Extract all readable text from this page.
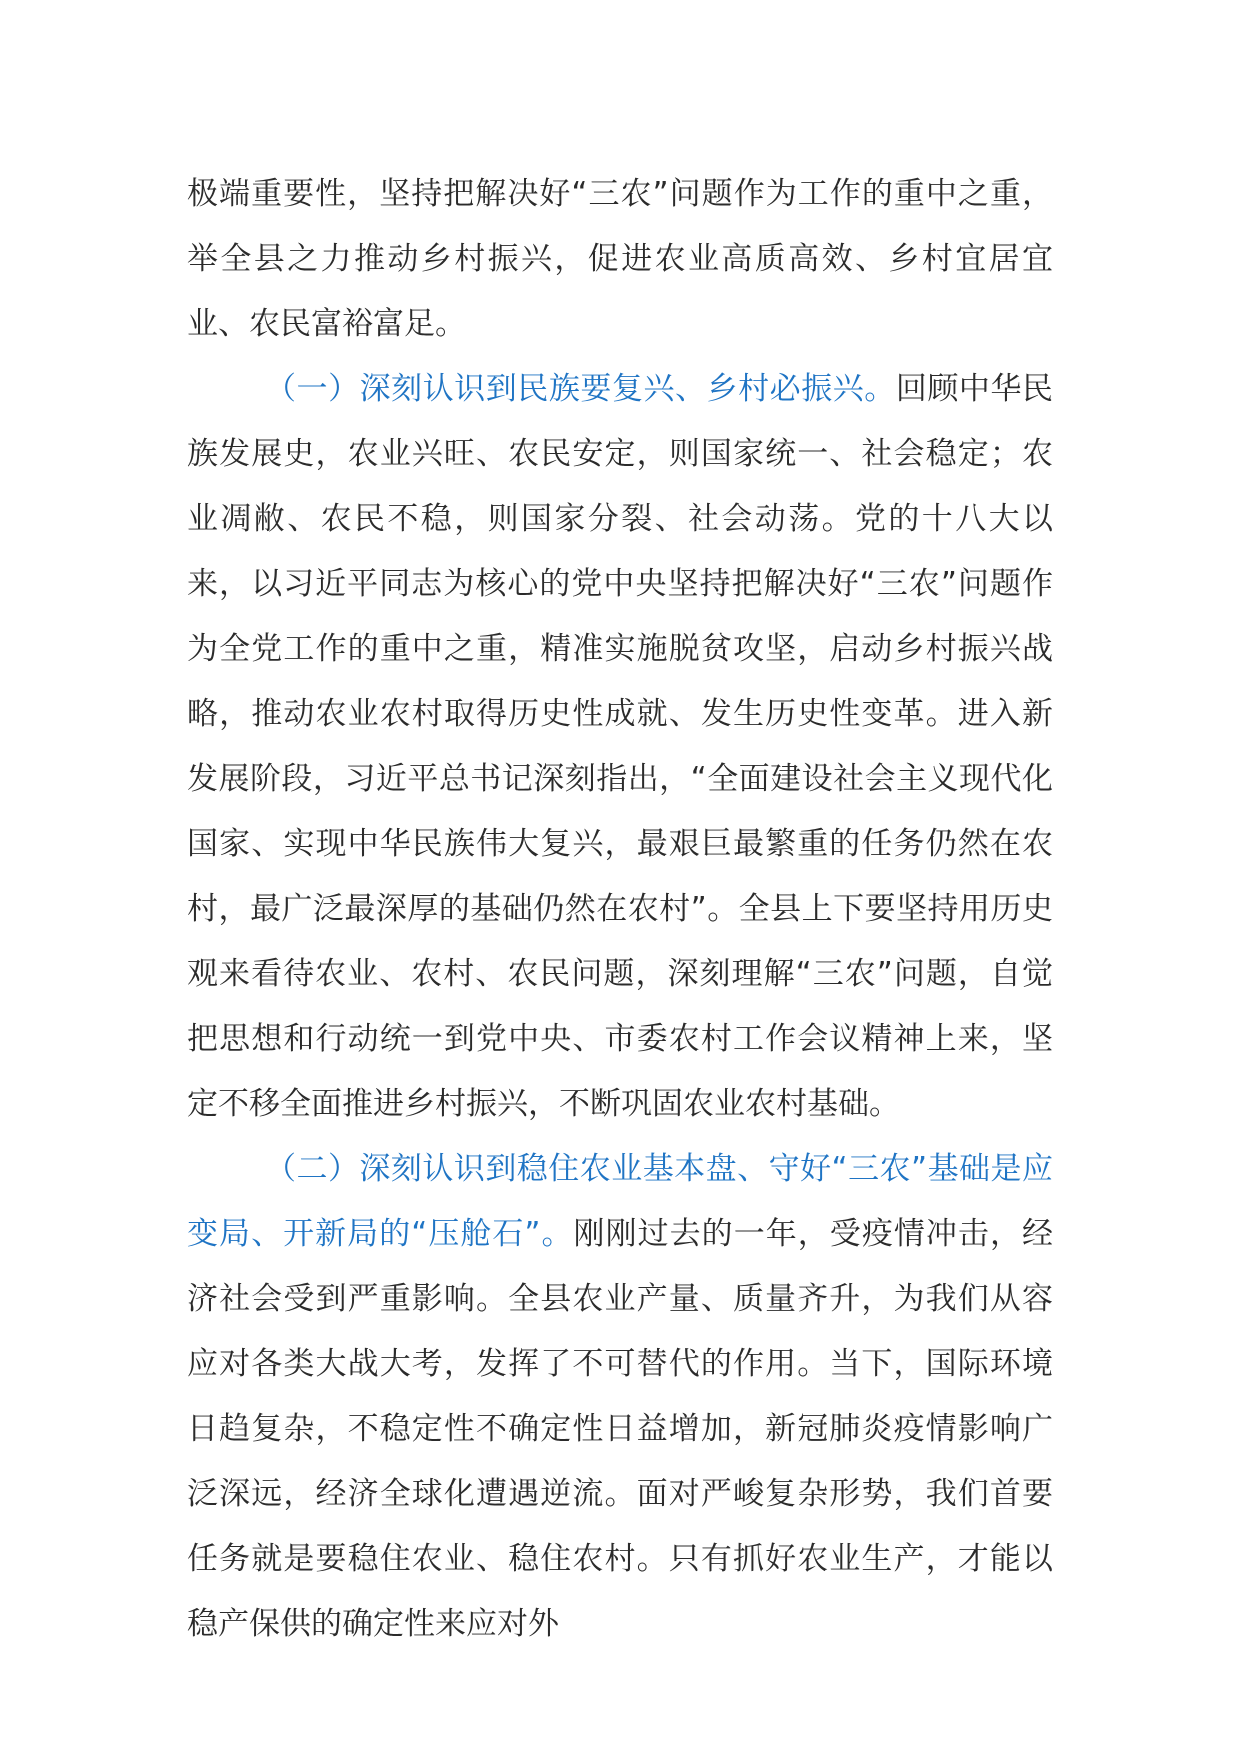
极端重要性，坚持把解决好“三农”问题作为工作的重中之重，举全县之力推动乡村振兴，促进农业高质高效、乡村宜居宜业、农民富裕富足。

（一）深刻认识到民族要复兴、乡村必振兴。回顾中华民族发展史，农业兴旺、农民安定，则国家统一、社会稳定；农业凋敝、农民不稳，则国家分裂、社会动荡。党的十八大以来，以习近平同志为核心的党中央坚持把解决好“三农”问题作为全党工作的重中之重，精准实施脱贫攻坚，启动乡村振兴战略，推动农业农村取得历史性成就、发生历史性变革。进入新发展阶段，习近平总书记深刻指出，“全面建设社会主义现代化国家、实现中华民族伟大复兴，最艰巨最繁重的任务仍然在农村，最广泛最深厚的基础仍然在农村”。全县上下要坚持用历史观来看待农业、农村、农民问题，深刻理解“三农”问题，自觉把思想和行动统一到党中央、市委农村工作会议精神上来，坚定不移全面推进乡村振兴，不断巩固农业农村基础。

（二）深刻认识到稳住农业基本盘、守好“三农”基础是应变局、开新局的“压舱石”。刚刚过去的一年，受疫情冲击，经济社会受到严重影响。全县农业产量、质量齐升，为我们从容应对各类大战大考，发挥了不可替代的作用。当下，国际环境日趋复杂，不稳定性不确定性日益增加，新冠肺炎疫情影响广泛深远，经济全球化遭遇逆流。面对严峻复杂形势，我们首要任务就是要稳住农业、稳住农村。只有抓好农业生产，才能以稳产保供的确定性来应对外
